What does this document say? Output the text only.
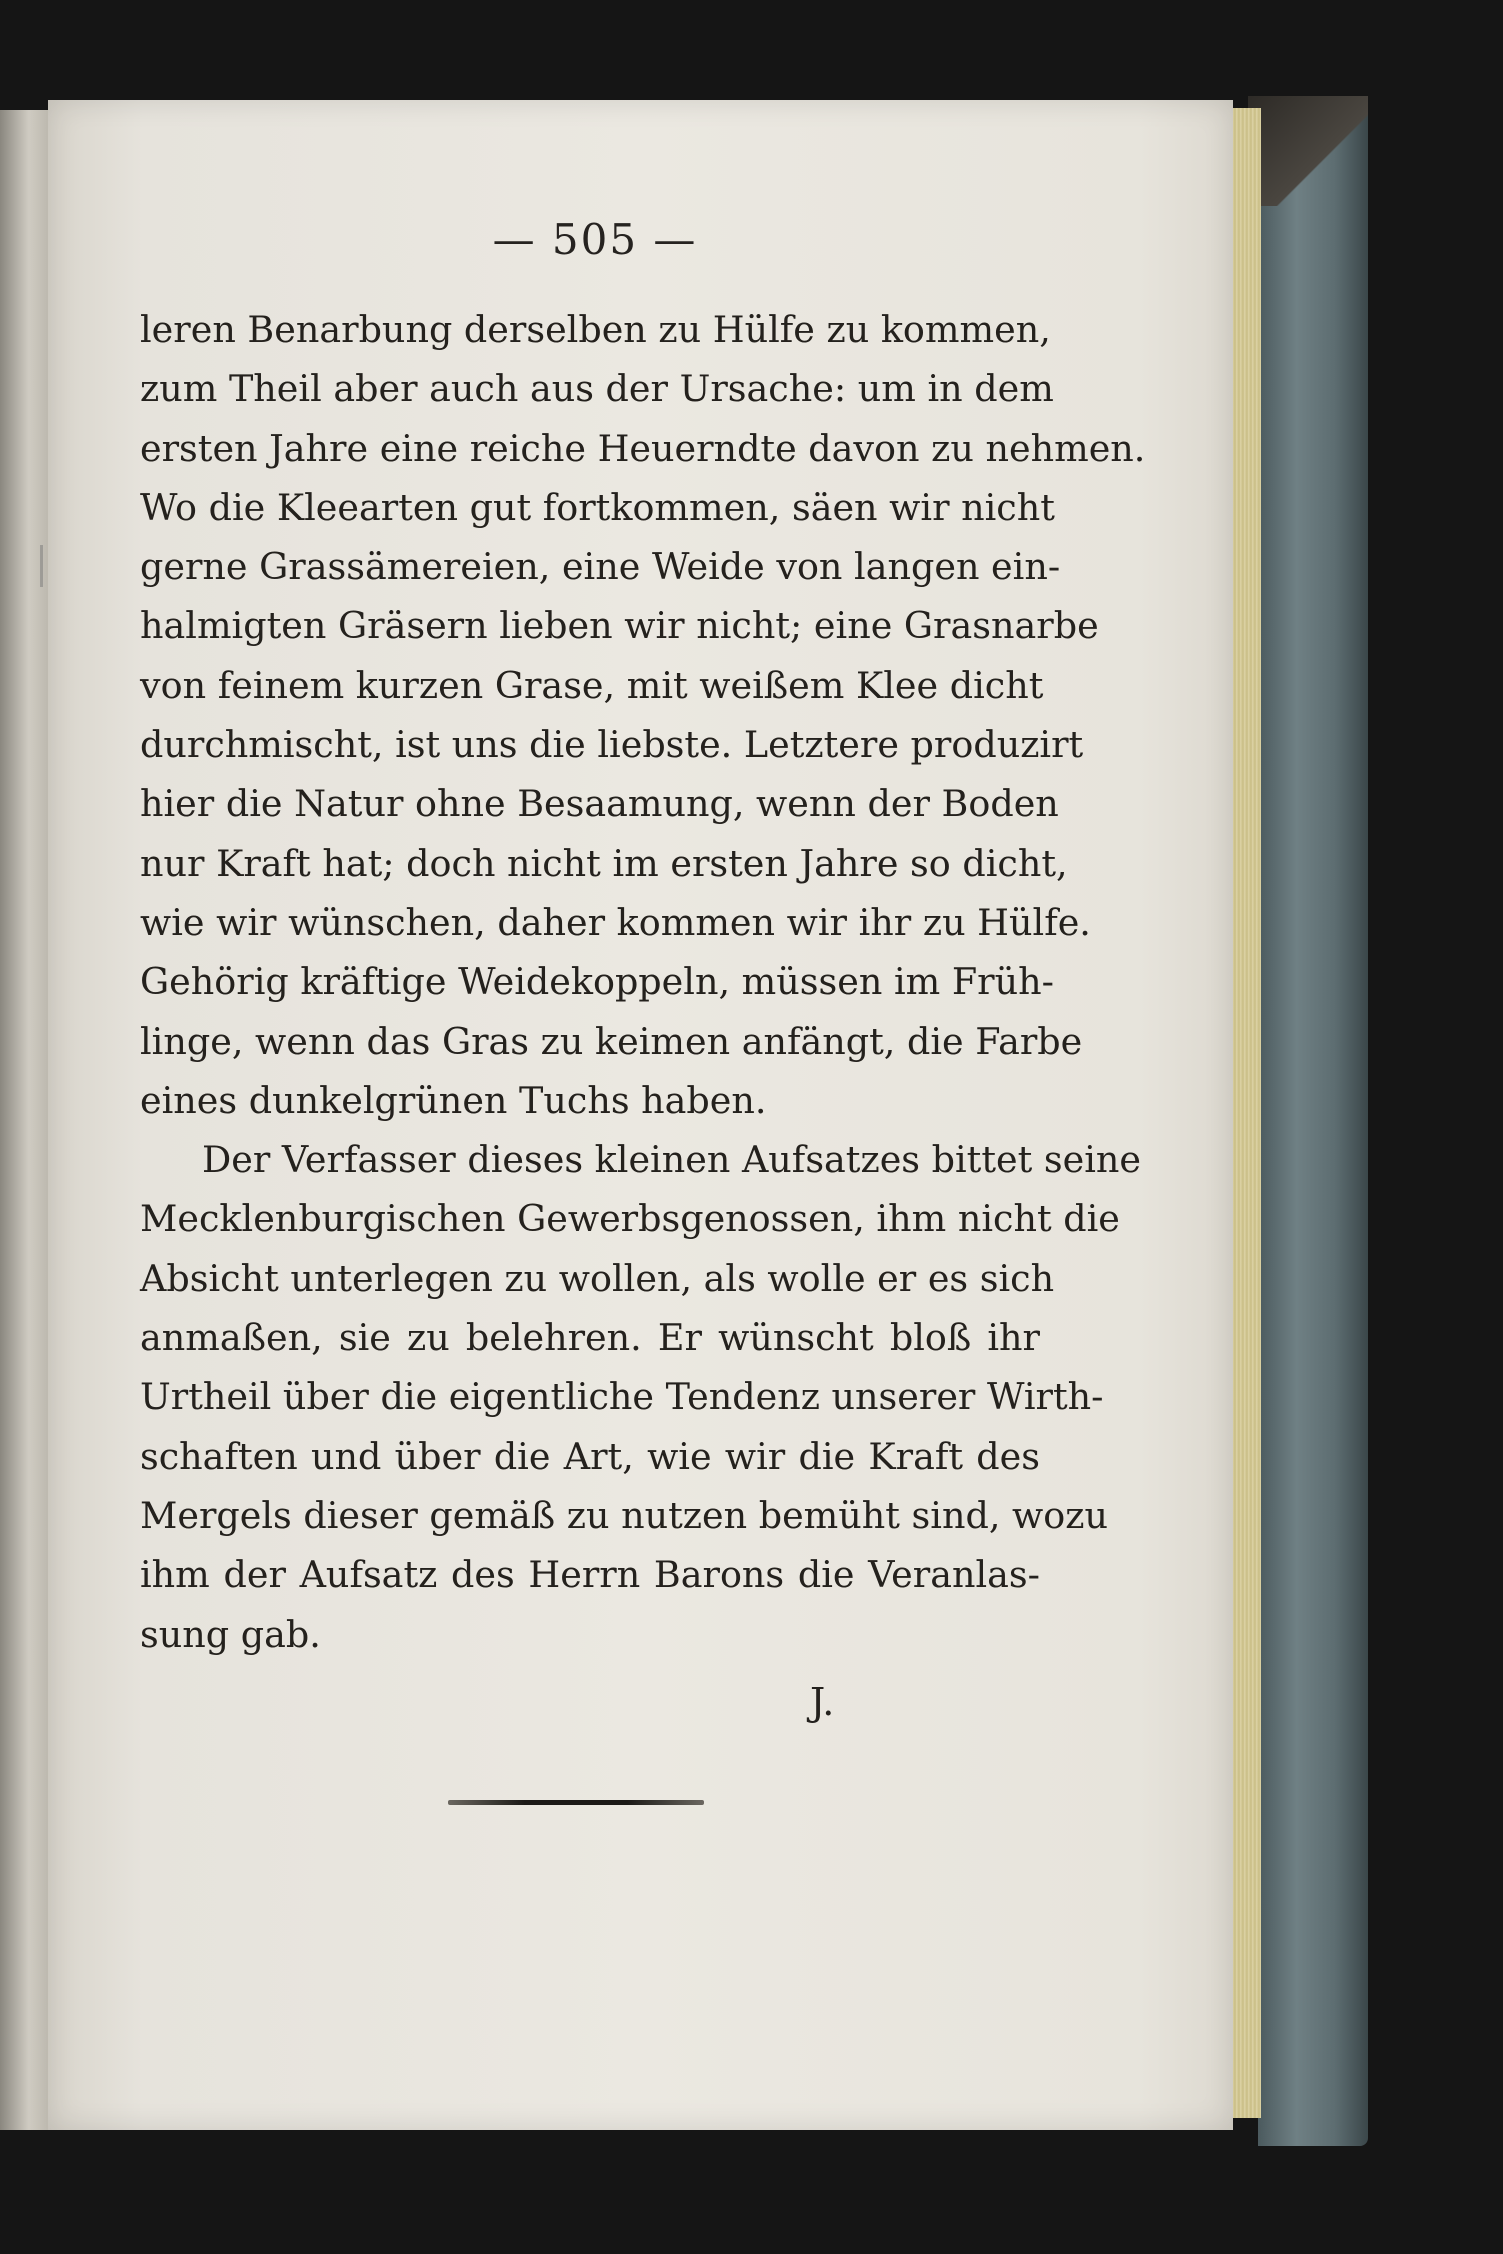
— 505 —
leren Benarbung derselben zu Hülfe zu kommen,
zum Theil aber auch aus der Ursache: um in dem
ersten Jahre eine reiche Heuerndte davon zu nehmen.
Wo die Kleearten gut fortkommen, säen wir nicht
gerne Grassämereien, eine Weide von langen ein-
halmigten Gräsern lieben wir nicht; eine Grasnarbe
von feinem kurzen Grase, mit weißem Klee dicht
durchmischt, ist uns die liebste. Letztere produzirt
hier die Natur ohne Besaamung, wenn der Boden
nur Kraft hat; doch nicht im ersten Jahre so dicht,
wie wir wünschen, daher kommen wir ihr zu Hülfe.
Gehörig kräftige Weidekoppeln, müssen im Früh-
linge, wenn das Gras zu keimen anfängt, die Farbe
eines dunkelgrünen Tuchs haben.
Der Verfasser dieses kleinen Aufsatzes bittet seine
Mecklenburgischen Gewerbsgenossen, ihm nicht die
Absicht unterlegen zu wollen, als wolle er es sich
anmaßen, sie zu belehren. Er wünscht bloß ihr
Urtheil über die eigentliche Tendenz unserer Wirth-
schaften und über die Art, wie wir die Kraft des
Mergels dieser gemäß zu nutzen bemüht sind, wozu
ihm der Aufsatz des Herrn Barons die Veranlas-
sung gab.
J.
